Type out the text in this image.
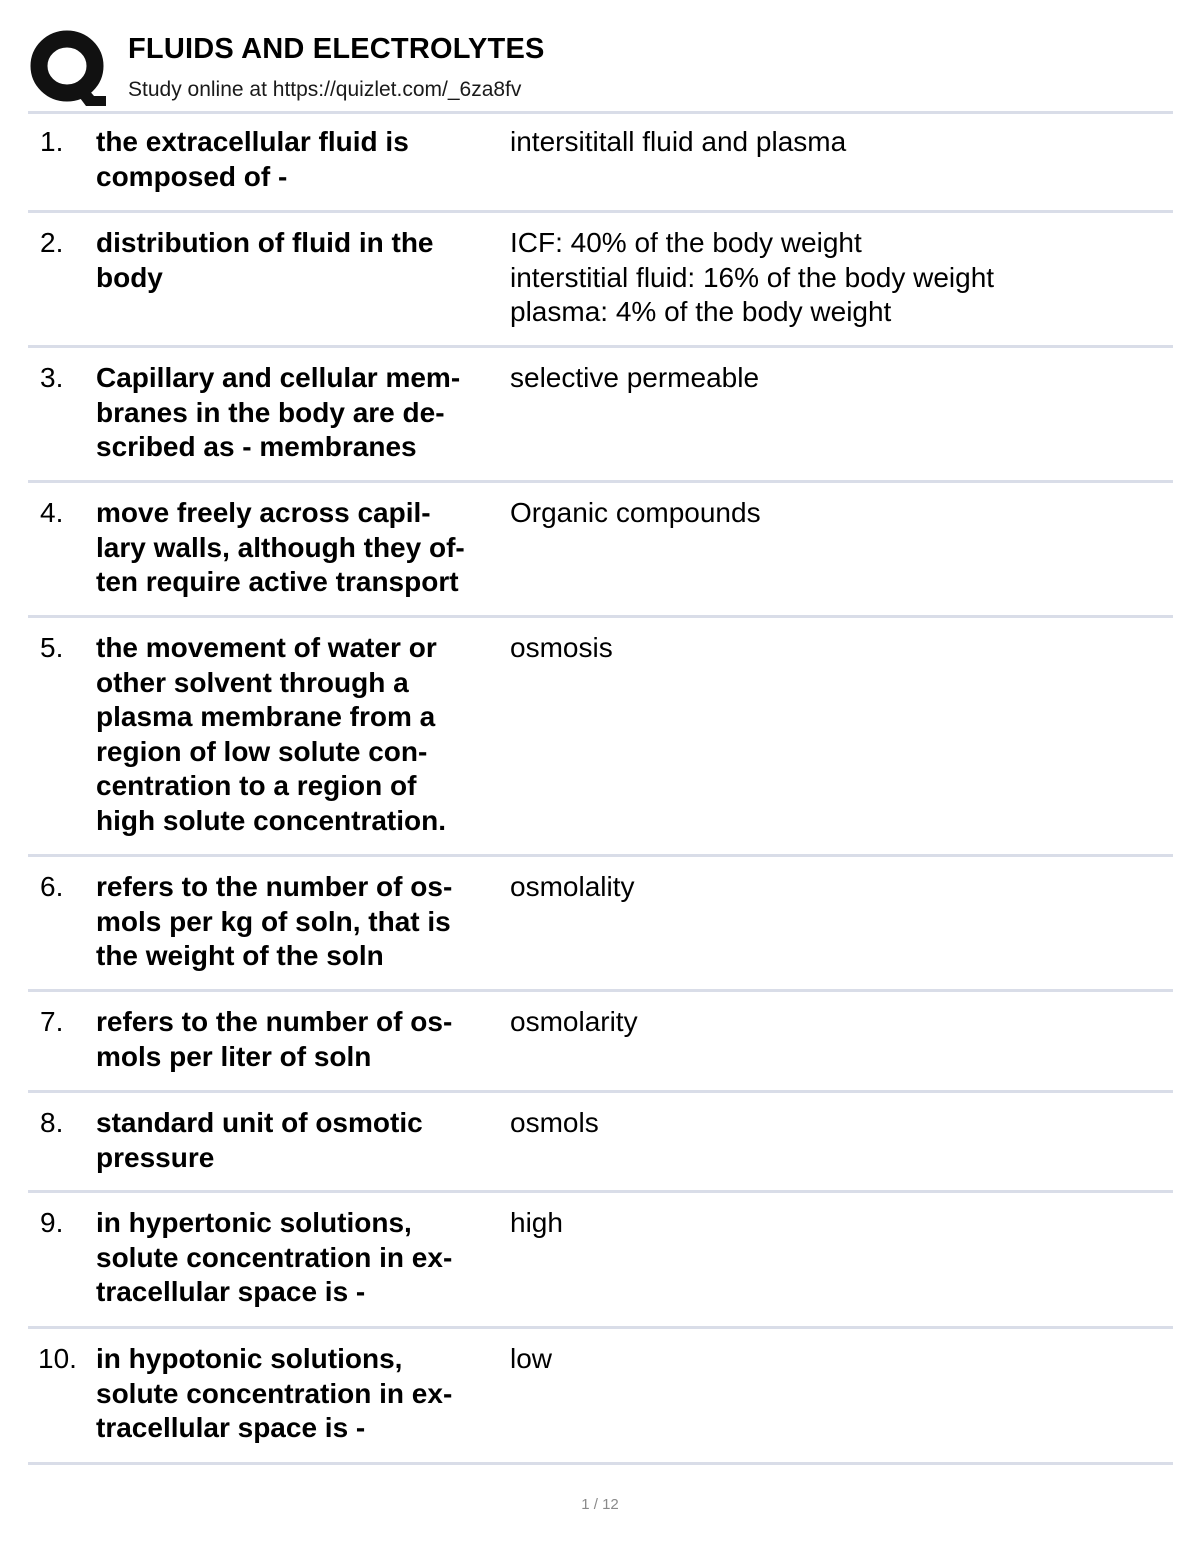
FLUIDS AND ELECTROLYTES
Study online at https://quizlet.com/_6za8fv
1. the extracellular fluid is
composed of -
intersititall fluid and plasma
2. distribution of fluid in the
body
ICF: 40% of the body weight
interstitial fluid: 16% of the body weight
plasma: 4% of the body weight
3. Capillary and cellular mem-
branes in the body are de-
scribed as - membranes
selective permeable
4. move freely across capil-
lary walls, although they of-
ten require active transport
Organic compounds
5. the movement of water or
other solvent through a
plasma membrane from a
region of low solute con-
centration to a region of
high solute concentration.
osmosis
6. refers to the number of os-
mols per kg of soln, that is
the weight of the soln
osmolality
7. refers to the number of os-
mols per liter of soln
osmolarity
8. standard unit of osmotic
pressure
osmols
9. in hypertonic solutions,
solute concentration in ex-
tracellular space is -
high
10. in hypotonic solutions,
solute concentration in ex-
tracellular space is -
low
1 / 12
